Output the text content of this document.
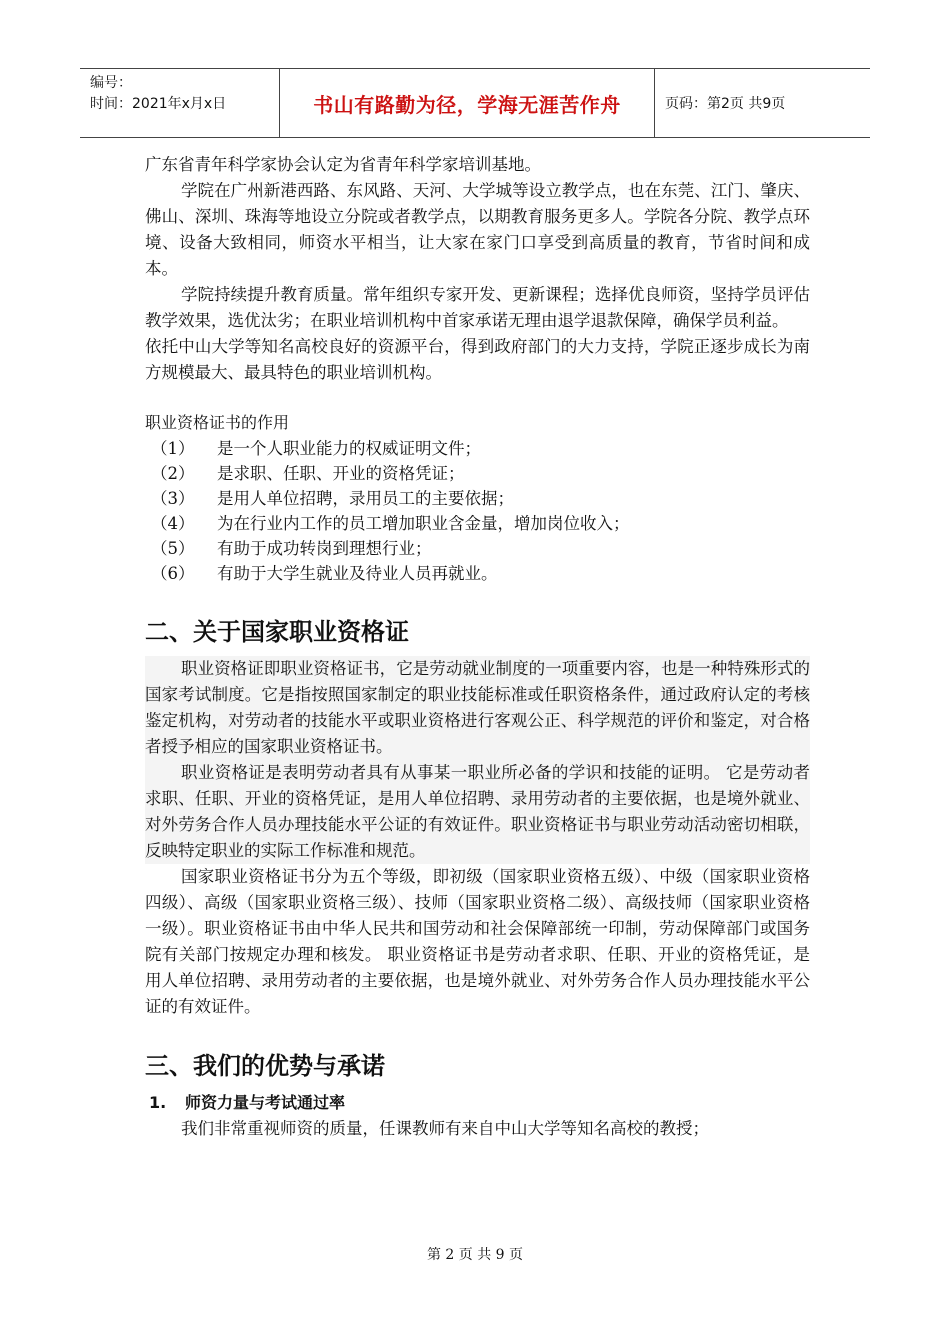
编号：
时间：2021年x月x日	书山有路勤为径，学海无涯苦作舟	页码：第2页 共9页

广东省青年科学家协会认定为省青年科学家培训基地。

学院在广州新港西路、东风路、天河、大学城等设立教学点，也在东莞、江门、肇庆、佛山、深圳、珠海等地设立分院或者教学点，以期教育服务更多人。学院各分院、教学点环境、设备大致相同，师资水平相当，让大家在家门口享受到高质量的教育，节省时间和成本。

学院持续提升教育质量。常年组织专家开发、更新课程；选择优良师资，坚持学员评估教学效果，选优汰劣；在职业培训机构中首家承诺无理由退学退款保障，确保学员利益。

依托中山大学等知名高校良好的资源平台，得到政府部门的大力支持，学院正逐步成长为南方规模最大、最具特色的职业培训机构。

职业资格证书的作用
（1）	是一个人职业能力的权威证明文件；
（2）	是求职、任职、开业的资格凭证；
（3）	是用人单位招聘，录用员工的主要依据；
（4）	为在行业内工作的员工增加职业含金量，增加岗位收入；
（5）	有助于成功转岗到理想行业；
（6）	有助于大学生就业及待业人员再就业。
二、关于国家职业资格证

职业资格证即职业资格证书，它是劳动就业制度的一项重要内容，也是一种特殊形式的国家考试制度。它是指按照国家制定的职业技能标准或任职资格条件，通过政府认定的考核鉴定机构，对劳动者的技能水平或职业资格进行客观公正、科学规范的评价和鉴定，对合格者授予相应的国家职业资格证书。

职业资格证是表明劳动者具有从事某一职业所必备的学识和技能的证明。 它是劳动者求职、任职、开业的资格凭证，是用人单位招聘、录用劳动者的主要依据，也是境外就业、对外劳务合作人员办理技能水平公证的有效证件。职业资格证书与职业劳动活动密切相联，反映特定职业的实际工作标准和规范。

国家职业资格证书分为五个等级，即初级（国家职业资格五级）、中级（国家职业资格四级）、高级（国家职业资格三级）、技师（国家职业资格二级）、高级技师（国家职业资格一级）。职业资格证书由中华人民共和国劳动和社会保障部统一印制，劳动保障部门或国务院有关部门按规定办理和核发。 职业资格证书是劳动者求职、任职、开业的资格凭证，是用人单位招聘、录用劳动者的主要依据，也是境外就业、对外劳务合作人员办理技能水平公证的有效证件。

三、我们的优势与承诺
1.	师资力量与考试通过率

我们非常重视师资的质量，任课教师有来自中山大学等知名高校的教授；

第 2 页 共 9 页
